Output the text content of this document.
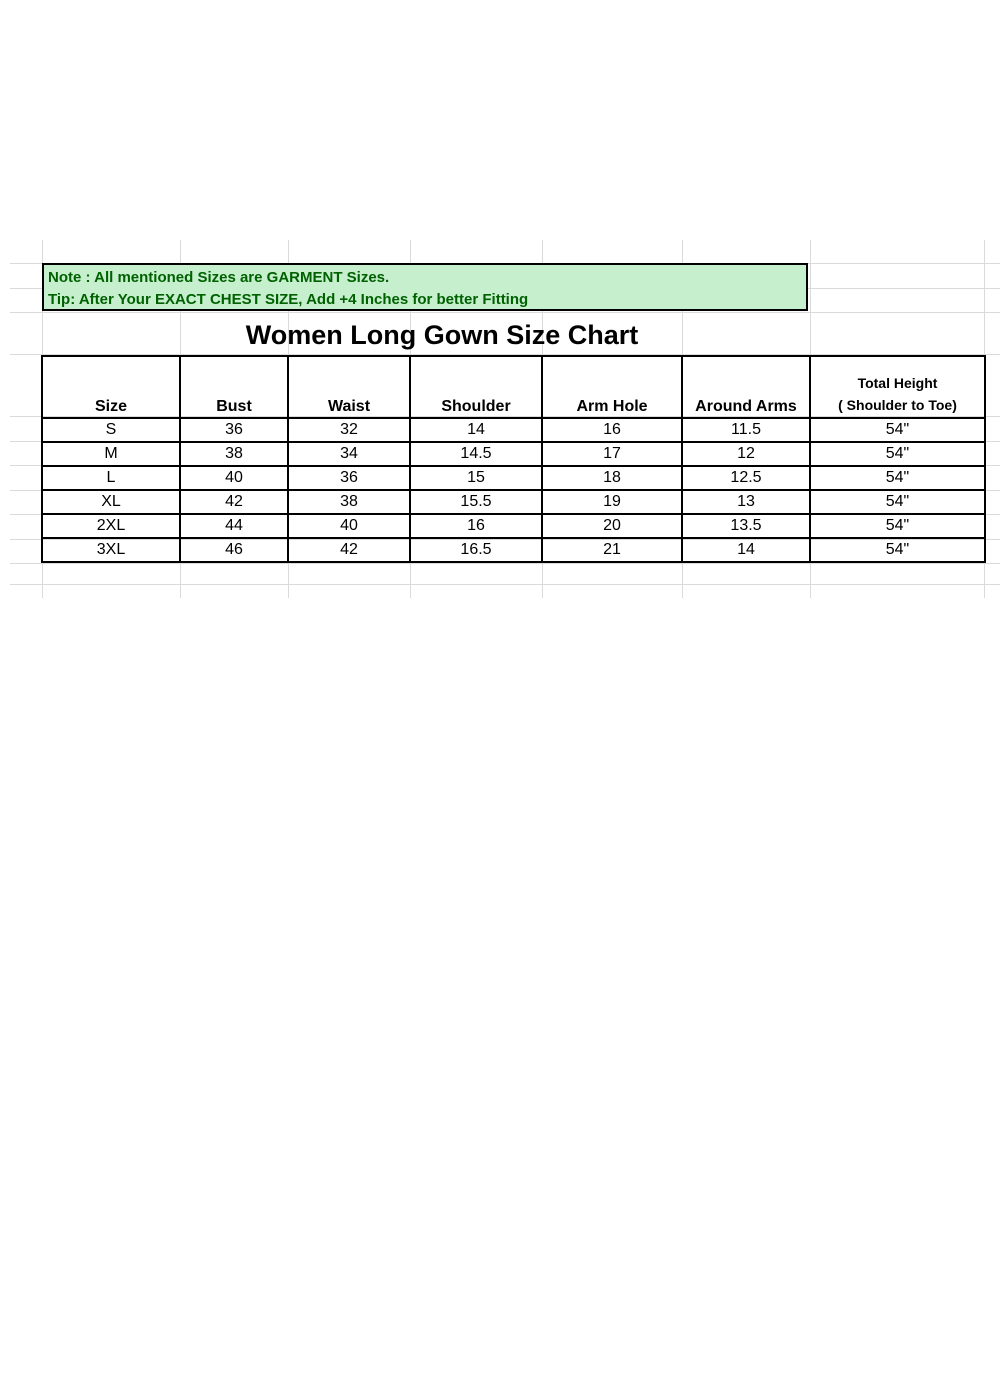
Note : All mentioned Sizes are GARMENT Sizes.
Tip: After Your EXACT CHEST SIZE, Add +4 Inches for better Fitting
Women Long Gown Size Chart
Size	Bust	Waist	Shoulder	Arm Hole	Around Arms	Total Height
( Shoulder to Toe)

S	36	32	14	16	11.5	54"
M	38	34	14.5	17	12	54"
L	40	36	15	18	12.5	54"
XL	42	38	15.5	19	13	54"
2XL	44	40	16	20	13.5	54"
3XL	46	42	16.5	21	14	54"
